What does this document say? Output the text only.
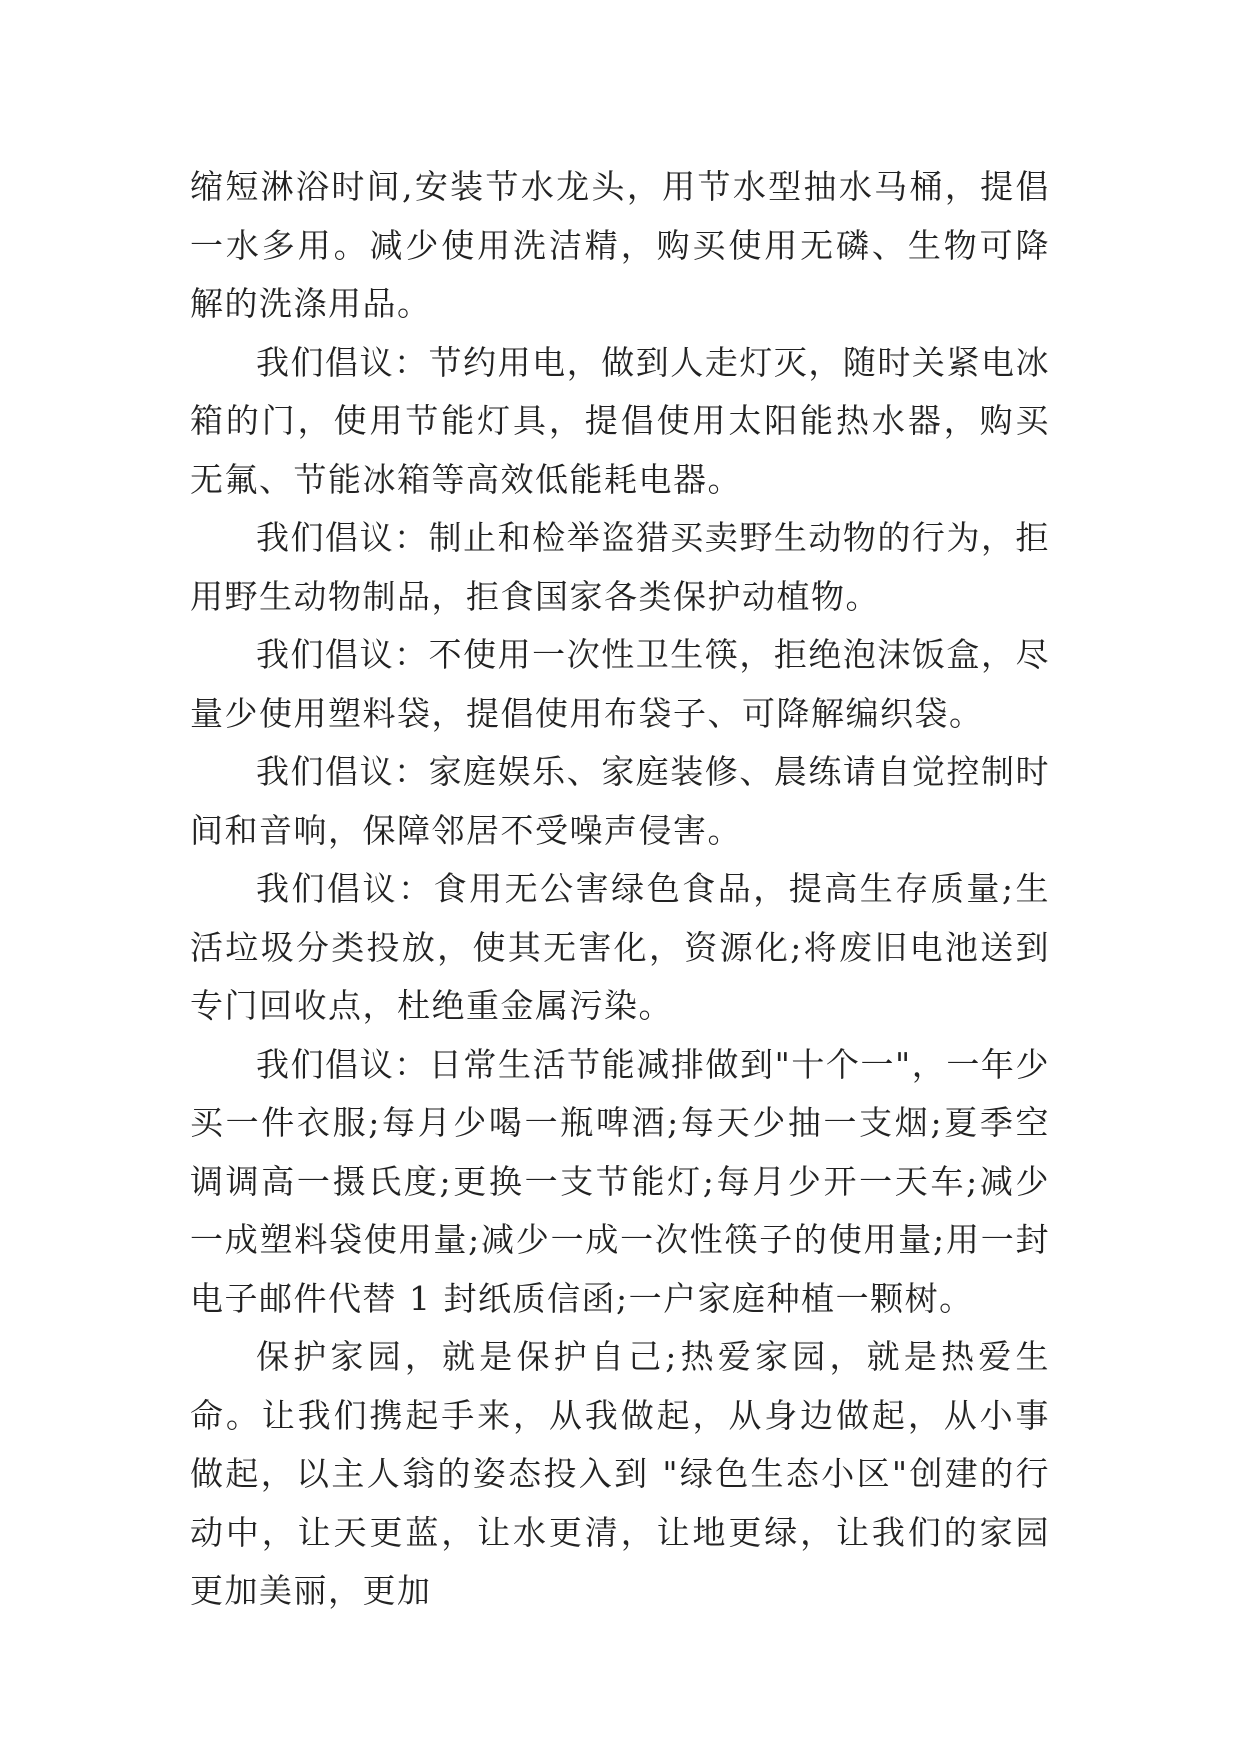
缩短淋浴时间,安装节水龙头，用节水型抽水马桶，提倡一水多用。减少使用洗洁精，购买使用无磷、生物可降解的洗涤用品。

我们倡议：节约用电，做到人走灯灭，随时关紧电冰箱的门，使用节能灯具，提倡使用太阳能热水器，购买无氟、节能冰箱等高效低能耗电器。

我们倡议：制止和检举盗猎买卖野生动物的行为，拒用野生动物制品，拒食国家各类保护动植物。

我们倡议：不使用一次性卫生筷，拒绝泡沫饭盒，尽量少使用塑料袋，提倡使用布袋子、可降解编织袋。

我们倡议：家庭娱乐、家庭装修、晨练请自觉控制时间和音响，保障邻居不受噪声侵害。

我们倡议：食用无公害绿色食品，提高生存质量;生活垃圾分类投放，使其无害化，资源化;将废旧电池送到专门回收点，杜绝重金属污染。

我们倡议：日常生活节能减排做到"十个一"，一年少买一件衣服;每月少喝一瓶啤酒;每天少抽一支烟;夏季空调调高一摄氏度;更换一支节能灯;每月少开一天车;减少一成塑料袋使用量;减少一成一次性筷子的使用量;用一封电子邮件代替 1 封纸质信函;一户家庭种植一颗树。

保护家园，就是保护自己;热爱家园，就是热爱生命。让我们携起手来，从我做起，从身边做起，从小事做起，以主人翁的姿态投入到 "绿色生态小区"创建的行动中，让天更蓝，让水更清，让地更绿，让我们的家园更加美丽，更加
